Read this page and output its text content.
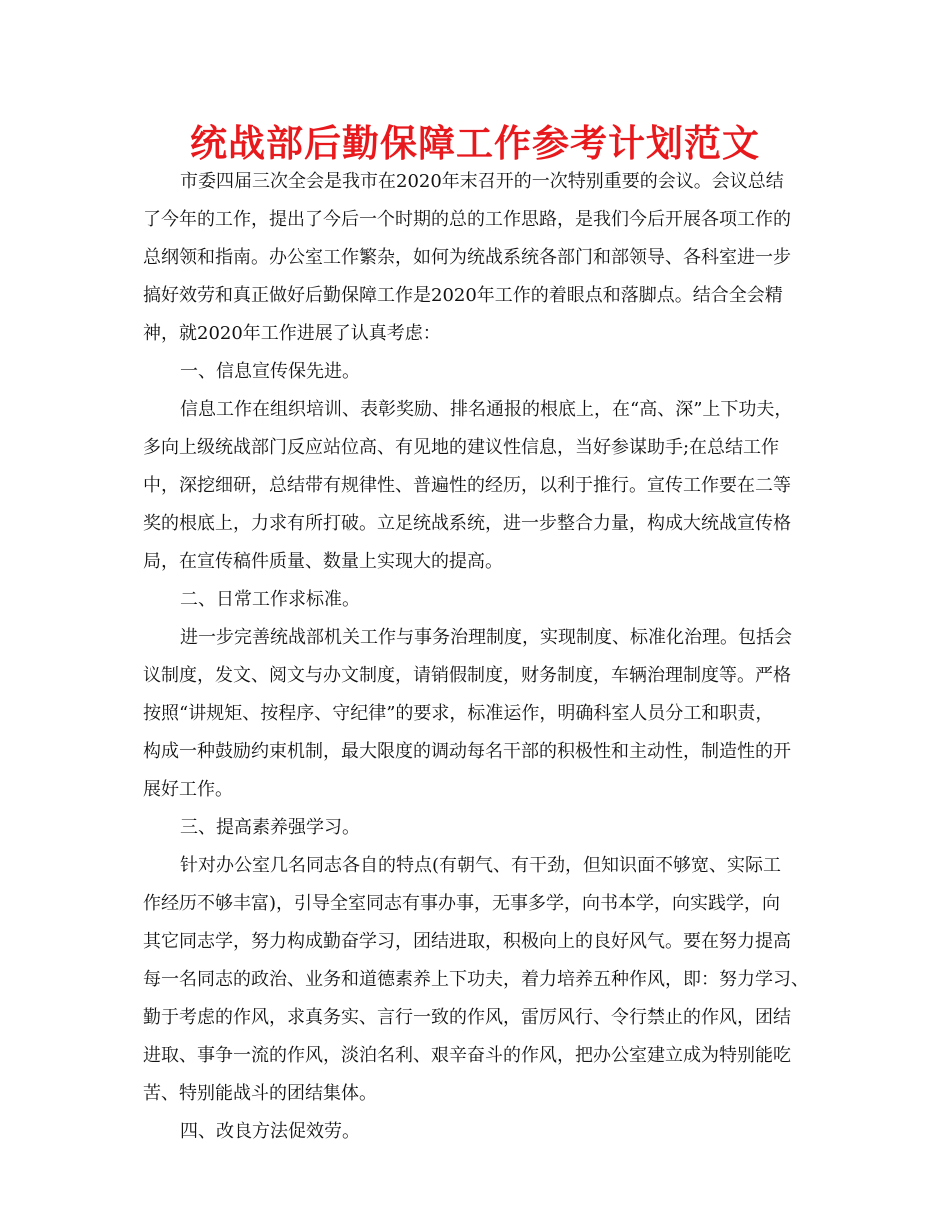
统战部后勤保障工作参考计划范文
市委四届三次全会是我市在2020年末召开的一次特别重要的会议。会议总结
了今年的工作，提出了今后一个时期的总的工作思路，是我们今后开展各项工作的
总纲领和指南。办公室工作繁杂，如何为统战系统各部门和部领导、各科室进一步
搞好效劳和真正做好后勤保障工作是2020年工作的着眼点和落脚点。结合全会精
神，就2020年工作进展了认真考虑：
一、信息宣传保先进。
信息工作在组织培训、表彰奖励、排名通报的根底上，在“高、深”上下功夫，
多向上级统战部门反应站位高、有见地的建议性信息，当好参谋助手;在总结工作
中，深挖细研，总结带有规律性、普遍性的经历，以利于推行。宣传工作要在二等
奖的根底上，力求有所打破。立足统战系统，进一步整合力量，构成大统战宣传格
局，在宣传稿件质量、数量上实现大的提高。
二、日常工作求标准。
进一步完善统战部机关工作与事务治理制度，实现制度、标准化治理。包括会
议制度，发文、阅文与办文制度，请销假制度，财务制度，车辆治理制度等。严格
按照“讲规矩、按程序、守纪律”的要求，标准运作，明确科室人员分工和职责，
构成一种鼓励约束机制，最大限度的调动每名干部的积极性和主动性，制造性的开
展好工作。
三、提高素养强学习。
针对办公室几名同志各自的特点(有朝气、有干劲，但知识面不够宽、实际工
作经历不够丰富)，引导全室同志有事办事，无事多学，向书本学，向实践学，向
其它同志学，努力构成勤奋学习，团结进取，积极向上的良好风气。要在努力提高
每一名同志的政治、业务和道德素养上下功夫，着力培养五种作风，即：努力学习、
勤于考虑的作风，求真务实、言行一致的作风，雷厉风行、令行禁止的作风，团结
进取、事争一流的作风，淡泊名利、艰辛奋斗的作风，把办公室建立成为特别能吃
苦、特别能战斗的团结集体。
四、改良方法促效劳。
